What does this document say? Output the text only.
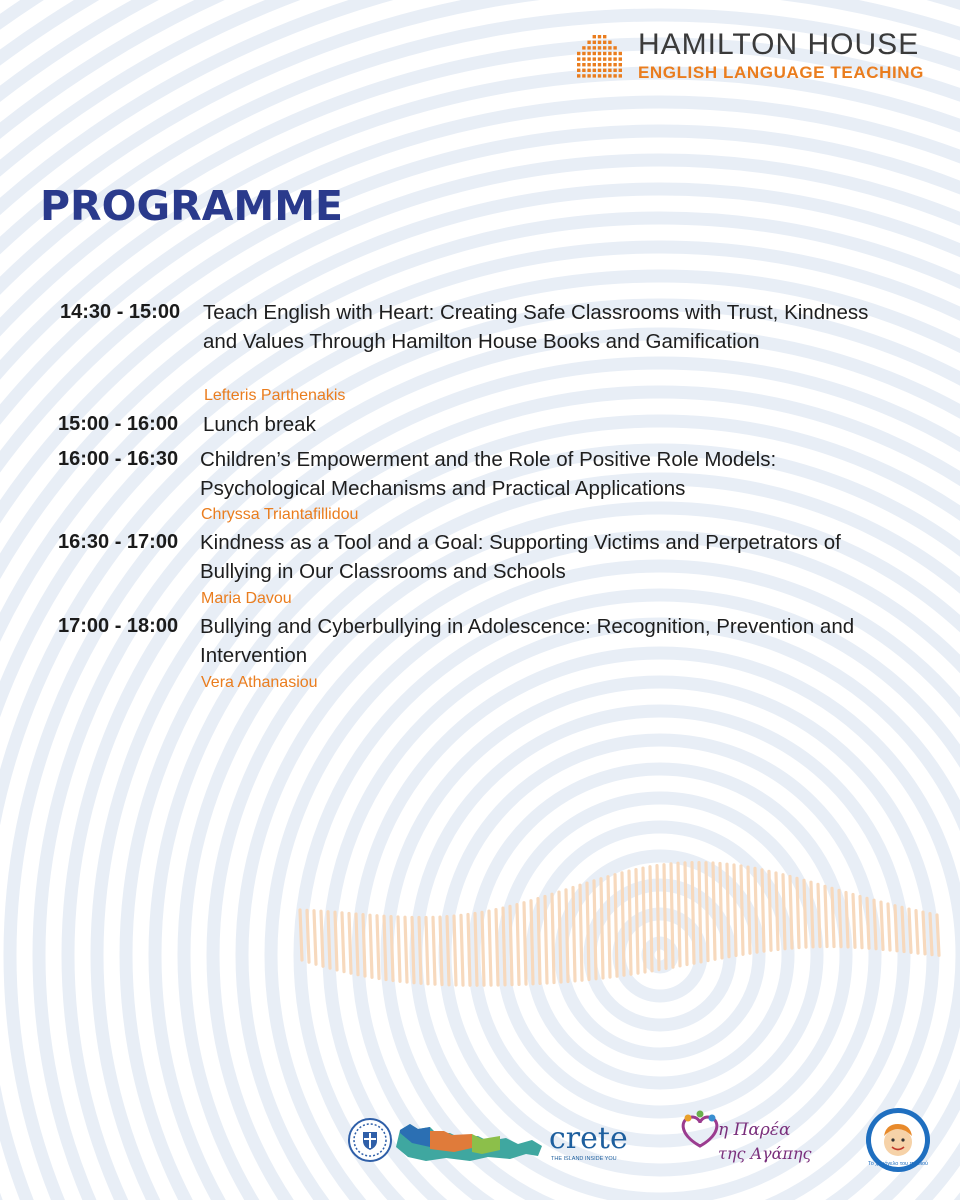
HAMILTON HOUSE
ENGLISH LANGUAGE TEACHING
PROGRAMME
14:30 - 15:00 Teach English with Heart: Creating Safe Classrooms with Trust, Kindness and Values Through Hamilton House Books and Gamification

Lefteris Parthenakis
15:00 - 16:00 Lunch break

16:00 - 16:30 Children’s Empowerment and the Role of Positive Role Models: Psychological Mechanisms and Practical Applications

Chryssa Triantafillidou
16:30 - 17:00 Kindness as a Tool and a Goal: Supporting Victims and Perpetrators of Bullying in Our Classrooms and Schools

Maria Davou
17:00 - 18:00 Bullying and Cyberbullying in Adolescence: Recognition, Prevention and Intervention

Vera Athanasiou
crete
THE ISLAND INSIDE YOU
η Παρέα
της Αγάπης
Το χαμόγελο του παιδιού
